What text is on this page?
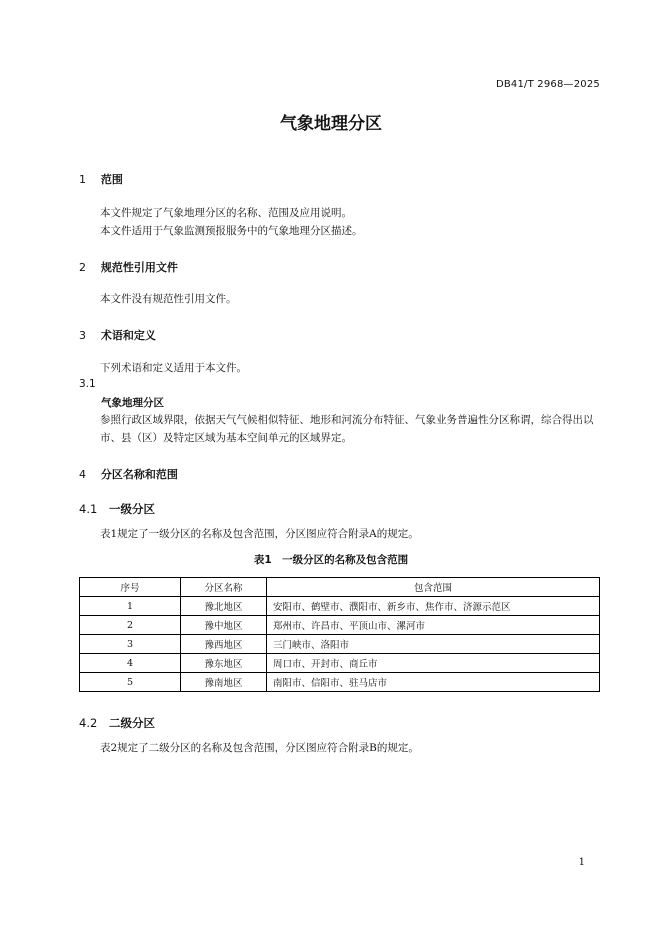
DB41/T 2968—2025
气象地理分区
1 范围
本文件规定了气象地理分区的名称、范围及应用说明。
本文件适用于气象监测预报服务中的气象地理分区描述。
2 规范性引用文件
本文件没有规范性引用文件。
3 术语和定义
下列术语和定义适用于本文件。
3.1
气象地理分区
参照行政区域界限，依据天气气候相似特征、地形和河流分布特征、气象业务普遍性分区称谓，综合得出以市、县（区）及特定区域为基本空间单元的区域界定。
4 分区名称和范围
4.1 一级分区
表1规定了一级分区的名称及包含范围，分区图应符合附录A的规定。
表1　一级分区的名称及包含范围
序号	分区名称	包含范围
1	豫北地区	安阳市、鹤壁市、濮阳市、新乡市、焦作市、济源示范区
2	豫中地区	郑州市、许昌市、平顶山市、漯河市
3	豫西地区	三门峡市、洛阳市
4	豫东地区	周口市、开封市、商丘市
5	豫南地区	南阳市、信阳市、驻马店市
4.2 二级分区
表2规定了二级分区的名称及包含范围，分区图应符合附录B的规定。
1
